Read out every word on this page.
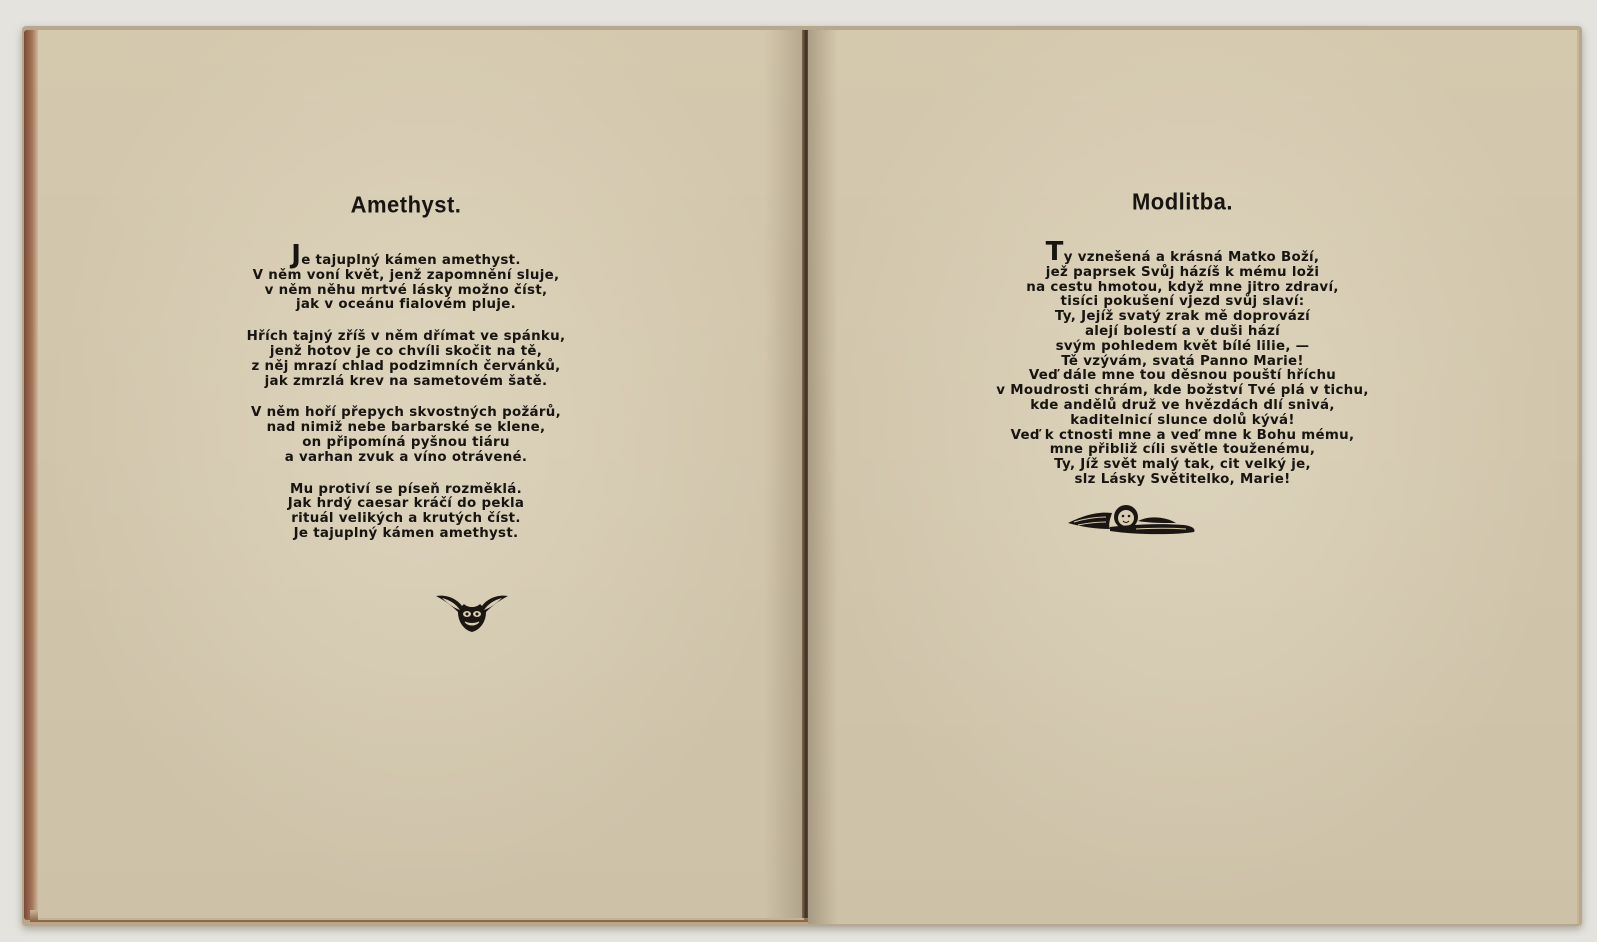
Amethyst.
Je tajuplný kámen amethyst.
V něm voní květ, jenž zapomnění sluje,
v něm něhu mrtvé lásky možno číst,
jak v oceánu fialovém pluje.
Hřích tajný zříš v něm dřímat ve spánku,
jenž hotov je co chvíli skočit na tě,
z něj mrazí chlad podzimních červánků,
jak zmrzlá krev na sametovém šatě.
V něm hoří přepych skvostných požárů,
nad nimiž nebe barbarské se klene,
on připomíná pyšnou tiáru
a varhan zvuk a víno otrávené.
Mu protiví se píseň rozměklá.
Jak hrdý caesar kráčí do pekla
rituál velikých a krutých číst.
Je tajuplný kámen amethyst.
Modlitba.
Ty vznešená a krásná Matko Boží,
jež paprsek Svůj házíš k mému loži
na cestu hmotou, když mne jitro zdraví,
tisíci pokušení vjezd svůj slaví:
Ty, Jejíž svatý zrak mě doprovází
alejí bolestí a v duši hází
svým pohledem květ bílé lilie, —
Tě vzývám, svatá Panno Marie!
Veď dále mne tou děsnou pouští hříchu
v Moudrosti chrám, kde božství Tvé plá v tichu,
kde andělů druž ve hvězdách dlí snivá,
kaditelnicí slunce dolů kývá!
Veď k ctnosti mne a veď mne k Bohu mému,
mne přibliž cíli světle touženému,
Ty, Jíž svět malý tak, cit velký je,
slz Lásky Světitelko, Marie!
